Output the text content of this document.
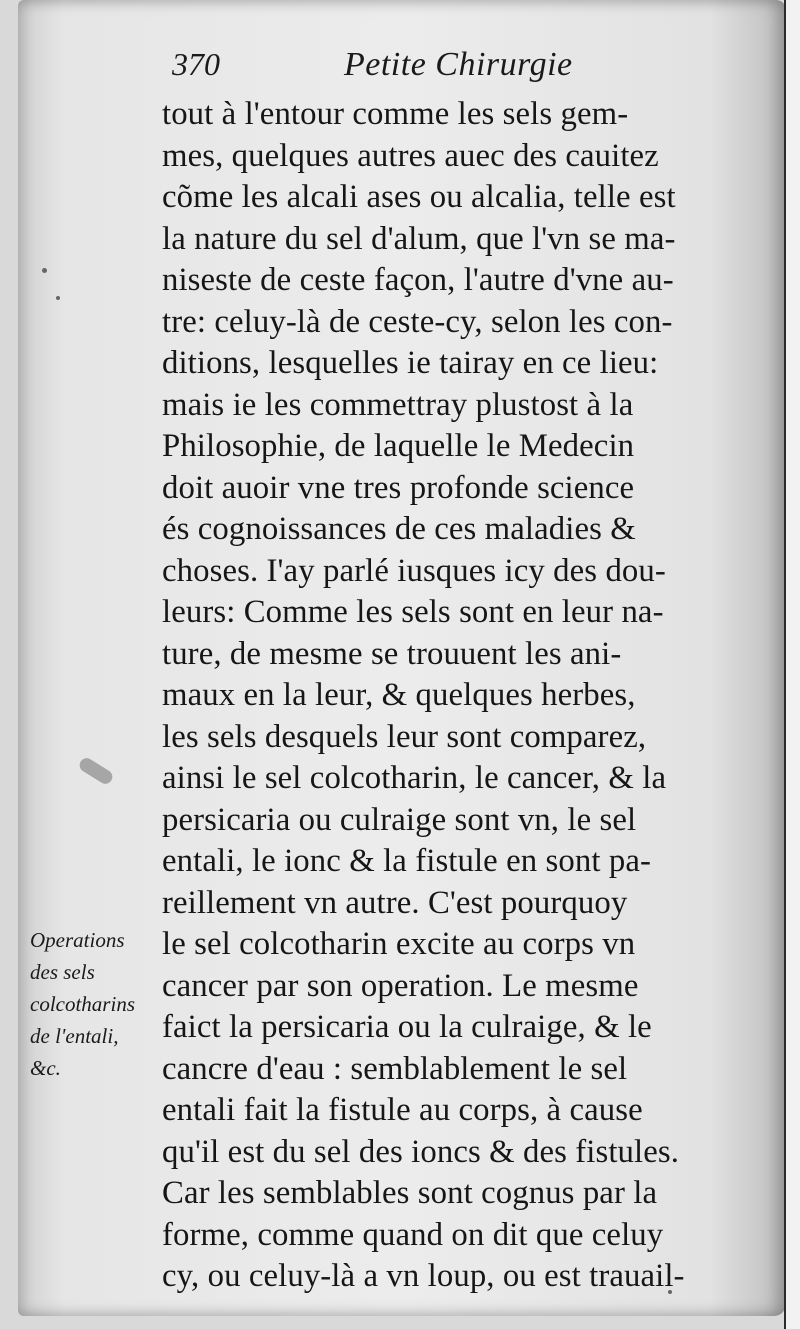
370	Petite Chirurgie
tout à l'entour comme les sels gem-
mes, quelques autres auec des cauitez
cõme les alcali ases ou alcalia, telle est
la nature du sel d'alum, que l'vn se ma-
niseste de ceste façon, l'autre d'vne au-
tre: celuy-là de ceste-cy, selon les con-
ditions, lesquelles ie tairay en ce lieu:
mais ie les commettray plustost à la
Philosophie, de laquelle le Medecin
doit auoir vne tres profonde science
és cognoissances de ces maladies &
choses. I'ay parlé iusques icy des dou-
leurs: Comme les sels sont en leur na-
ture, de mesme se trouuent les ani-
maux en la leur, & quelques herbes,
les sels desquels leur sont comparez,
ainsi le sel colcotharin, le cancer, & la
persicaria ou culraige sont vn, le sel
entali, le ionc & la fistule en sont pa-
reillement vn autre. C'est pourquoy
le sel colcotharin excite au corps vn
cancer par son operation. Le mesme
faict la persicaria ou la culraige, & le
cancre d'eau : semblablement le sel
entali fait la fistule au corps, à cause
qu'il est du sel des ioncs & des fistules.
Car les semblables sont cognus par la
forme, comme quand on dit que celuy
cy, ou celuy-là a vn loup, ou est trauail-
Operations
des sels
colcotharins
de l'entali,
&c.
